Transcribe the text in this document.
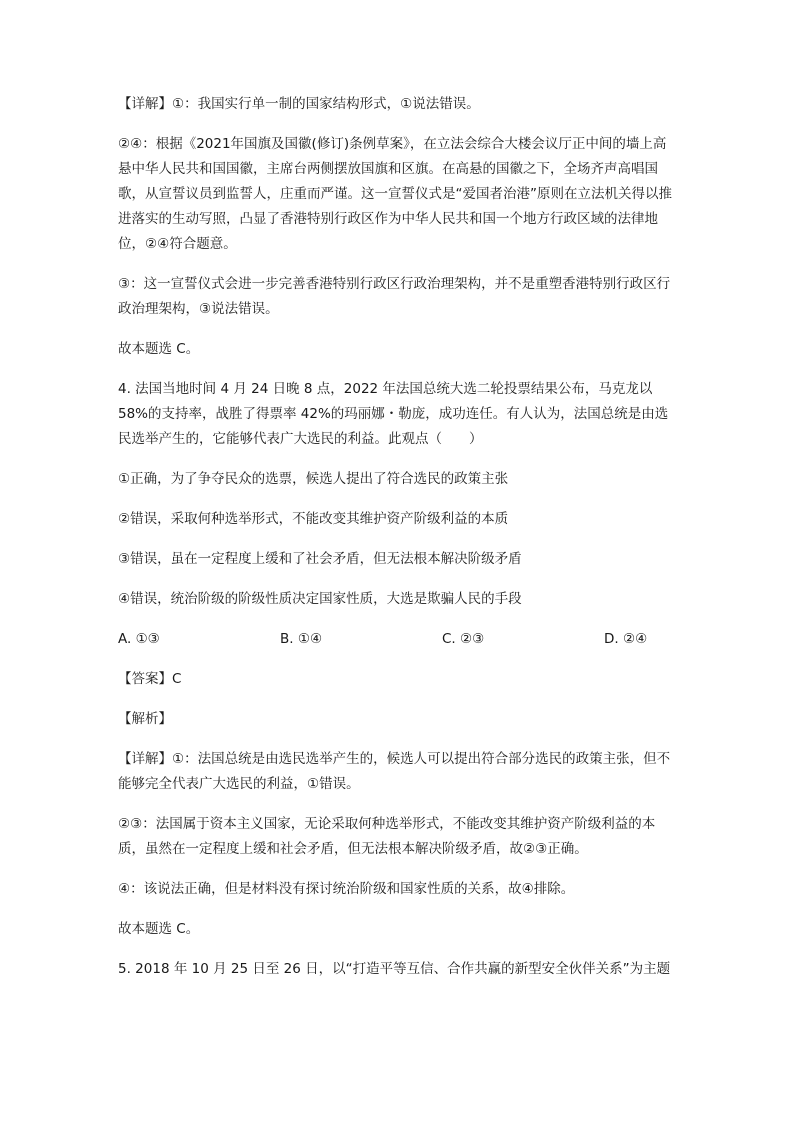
【详解】①：我国实行单一制的国家结构形式，①说法错误。

②④：根据《2021年国旗及国徽(修订)条例草案》，在立法会综合大楼会议厅正中间的墙上高悬中华人民共和国国徽，主席台两侧摆放国旗和区旗。在高悬的国徽之下，全场齐声高唱国歌，从宣誓议员到监誓人，庄重而严谨。这一宣誓仪式是“爱国者治港”原则在立法机关得以推进落实的生动写照，凸显了香港特别行政区作为中华人民共和国一个地方行政区域的法律地位，②④符合题意。

③：这一宣誓仪式会进一步完善香港特别行政区行政治理架构，并不是重塑香港特别行政区行政治理架构，③说法错误。

故本题选 C。

4. 法国当地时间 4 月 24 日晚 8 点，2022 年法国总统大选二轮投票结果公布，马克龙以 58%的支持率，战胜了得票率 42%的玛丽娜・勒庞，成功连任。有人认为，法国总统是由选民选举产生的，它能够代表广大选民的利益。此观点（　　）

①正确，为了争夺民众的选票，候选人提出了符合选民的政策主张

②错误，采取何种选举形式，不能改变其维护资产阶级利益的本质

③错误，虽在一定程度上缓和了社会矛盾，但无法根本解决阶级矛盾

④错误，统治阶级的阶级性质决定国家性质，大选是欺骗人民的手段

A. ①③	B. ①④	C. ②③	D. ②④

【答案】C

【解析】

【详解】①：法国总统是由选民选举产生的，候选人可以提出符合部分选民的政策主张，但不能够完全代表广大选民的利益，①错误。

②③：法国属于资本主义国家，无论采取何种选举形式，不能改变其维护资产阶级利益的本质，虽然在一定程度上缓和社会矛盾，但无法根本解决阶级矛盾，故②③正确。

④：该说法正确，但是材料没有探讨统治阶级和国家性质的关系，故④排除。

故本题选 C。

5. 2018 年 10 月 25 日至 26 日，以“打造平等互信、合作共赢的新型安全伙伴关系”为主题
